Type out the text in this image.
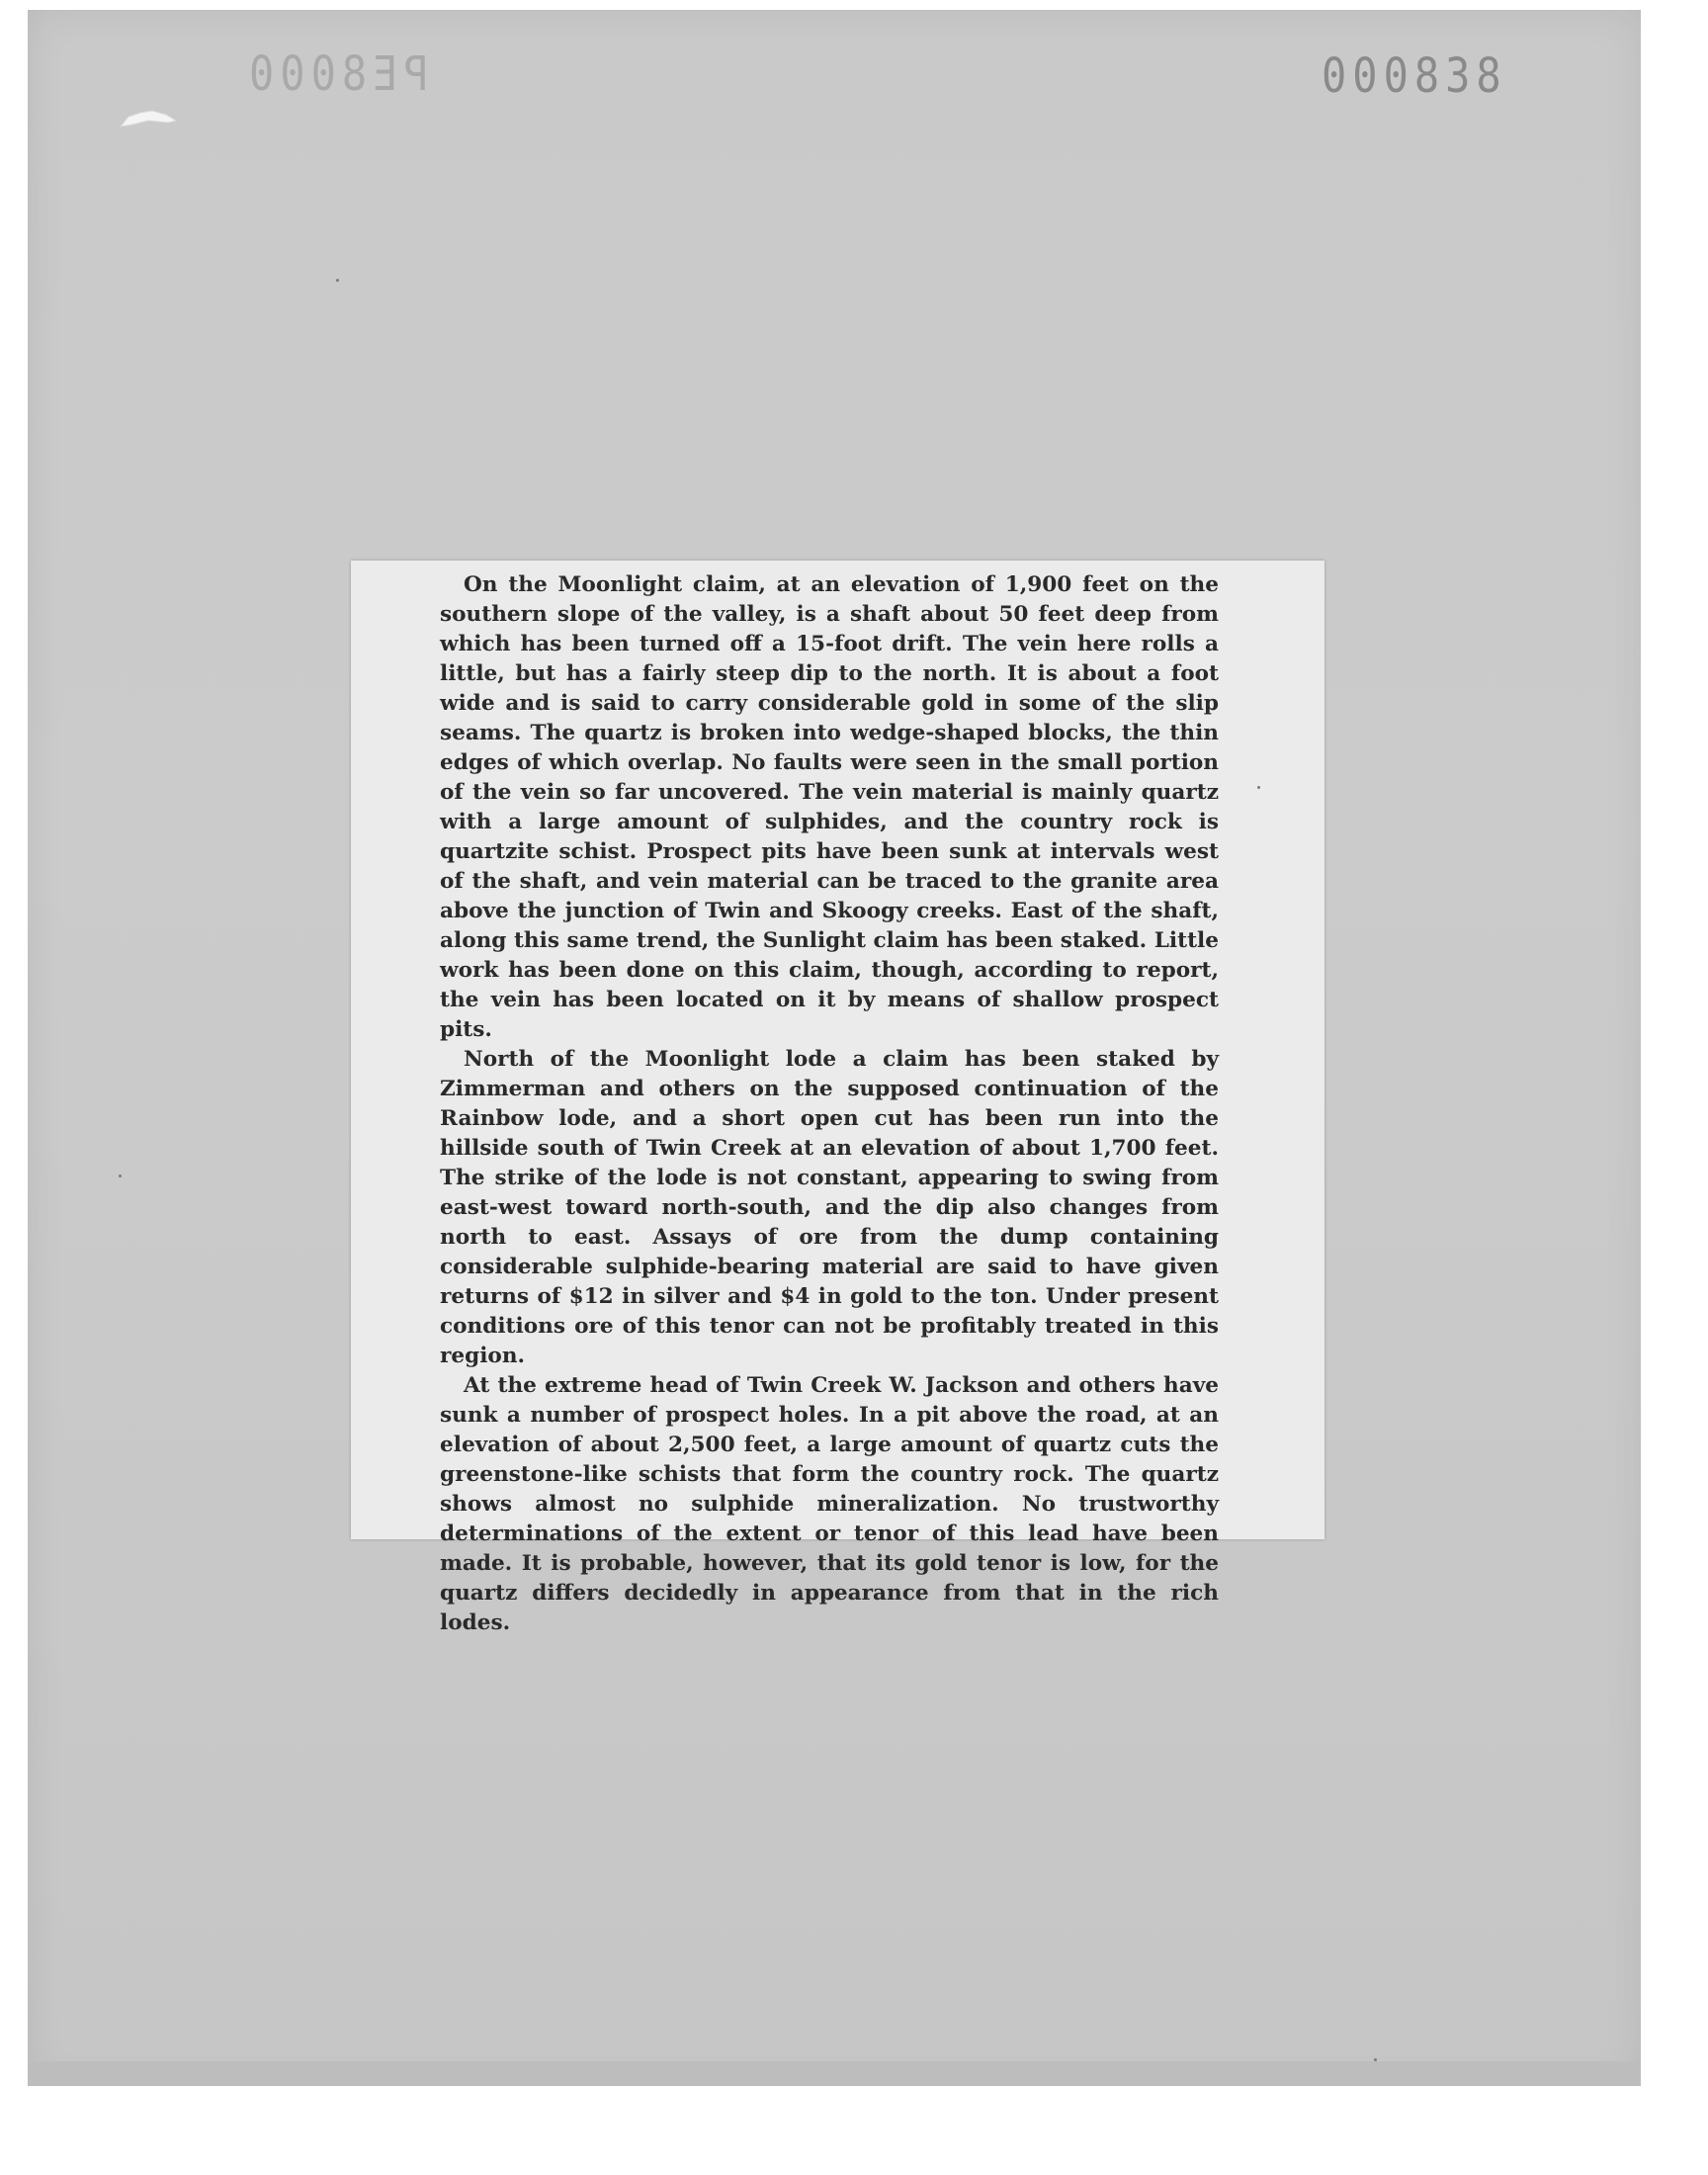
PE8000	000838

On the Moonlight claim, at an elevation of 1,900 feet on the southern slope of the valley, is a shaft about 50 feet deep from which has been turned off a 15-foot drift. The vein here rolls a little, but has a fairly steep dip to the north. It is about a foot wide and is said to carry considerable gold in some of the slip seams. The quartz is broken into wedge-shaped blocks, the thin edges of which overlap. No faults were seen in the small portion of the vein so far uncovered. The vein material is mainly quartz with a large amount of sulphides, and the country rock is quartzite schist. Prospect pits have been sunk at intervals west of the shaft, and vein material can be traced to the granite area above the junction of Twin and Skoogy creeks. East of the shaft, along this same trend, the Sunlight claim has been staked. Little work has been done on this claim, though, according to report, the vein has been located on it by means of shallow prospect pits.

North of the Moonlight lode a claim has been staked by Zimmerman and others on the supposed continuation of the Rainbow lode, and a short open cut has been run into the hillside south of Twin Creek at an elevation of about 1,700 feet. The strike of the lode is not constant, appearing to swing from east-west toward north-south, and the dip also changes from north to east. Assays of ore from the dump containing considerable sulphide-bearing material are said to have given returns of $12 in silver and $4 in gold to the ton. Under present conditions ore of this tenor can not be profitably treated in this region.

At the extreme head of Twin Creek W. Jackson and others have sunk a number of prospect holes. In a pit above the road, at an elevation of about 2,500 feet, a large amount of quartz cuts the greenstone-like schists that form the country rock. The quartz shows almost no sulphide mineralization. No trustworthy determinations of the extent or tenor of this lead have been made. It is probable, however, that its gold tenor is low, for the quartz differs decidedly in appearance from that in the rich lodes.
